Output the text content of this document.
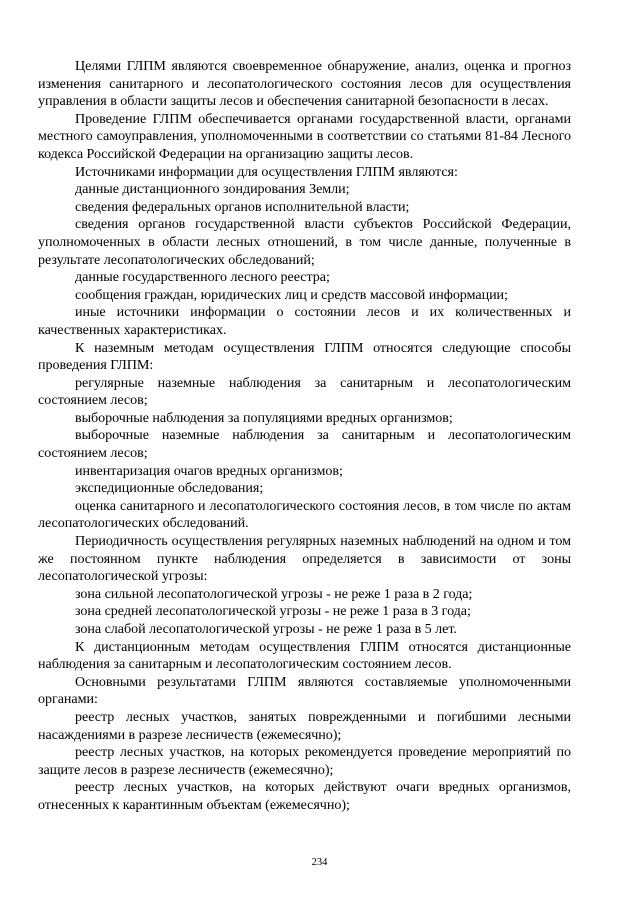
Целями ГЛПМ являются своевременное обнаружение, анализ, оценка и прогноз изменения санитарного и лесопатологического состояния лесов для осуществления управления в области защиты лесов и обеспечения санитарной безопасности в лесах.

Проведение ГЛПМ обеспечивается органами государственной власти, органами местного самоуправления, уполномоченными в соответствии со статьями 81-84 Лесного кодекса Российской Федерации на организацию защиты лесов.

Источниками информации для осуществления ГЛПМ являются:

данные дистанционного зондирования Земли;

сведения федеральных органов исполнительной власти;

сведения органов государственной власти субъектов Российской Федерации, уполномоченных в области лесных отношений, в том числе данные, полученные в результате лесопатологических обследований;

данные государственного лесного реестра;

сообщения граждан, юридических лиц и средств массовой информации;

иные источники информации о состоянии лесов и их количественных и качественных характеристиках.

К наземным методам осуществления ГЛПМ относятся следующие способы проведения ГЛПМ:

регулярные наземные наблюдения за санитарным и лесопатологическим состоянием лесов;

выборочные наблюдения за популяциями вредных организмов;

выборочные наземные наблюдения за санитарным и лесопатологическим состоянием лесов;

инвентаризация очагов вредных организмов;

экспедиционные обследования;

оценка санитарного и лесопатологического состояния лесов, в том числе по актам лесопатологических обследований.

Периодичность осуществления регулярных наземных наблюдений на одном и том же постоянном пункте наблюдения определяется в зависимости от зоны лесопатологической угрозы:

зона сильной лесопатологической угрозы - не реже 1 раза в 2 года;

зона средней лесопатологической угрозы - не реже 1 раза в 3 года;

зона слабой лесопатологической угрозы - не реже 1 раза в 5 лет.

К дистанционным методам осуществления ГЛПМ относятся дистанционные наблюдения за санитарным и лесопатологическим состоянием лесов.

Основными результатами ГЛПМ являются составляемые уполномоченными органами:

реестр лесных участков, занятых поврежденными и погибшими лесными насаждениями в разрезе лесничеств (ежемесячно);

реестр лесных участков, на которых рекомендуется проведение мероприятий по защите лесов в разрезе лесничеств (ежемесячно);

реестр лесных участков, на которых действуют очаги вредных организмов, отнесенных к карантинным объектам (ежемесячно);

234
